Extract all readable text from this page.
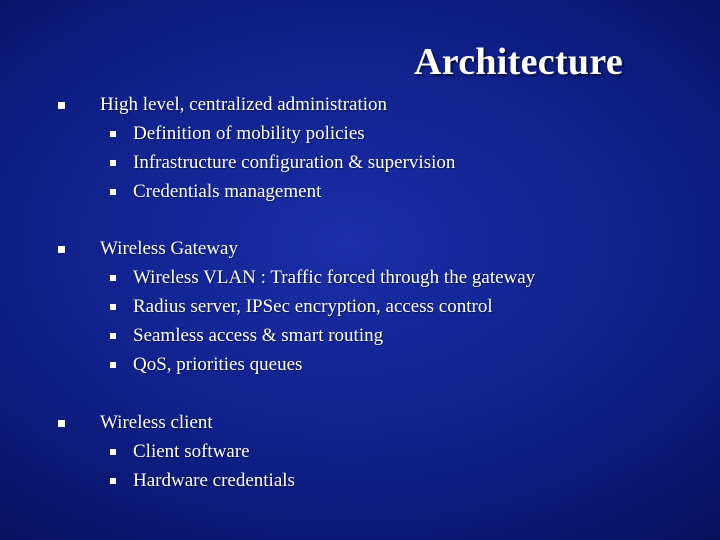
Architecture
High level, centralized administration
Definition of mobility policies
Infrastructure configuration & supervision
Credentials management
Wireless Gateway
Wireless VLAN : Traffic forced through the gateway
Radius server, IPSec encryption, access control
Seamless access & smart routing
QoS, priorities queues
Wireless client
Client software
Hardware credentials
